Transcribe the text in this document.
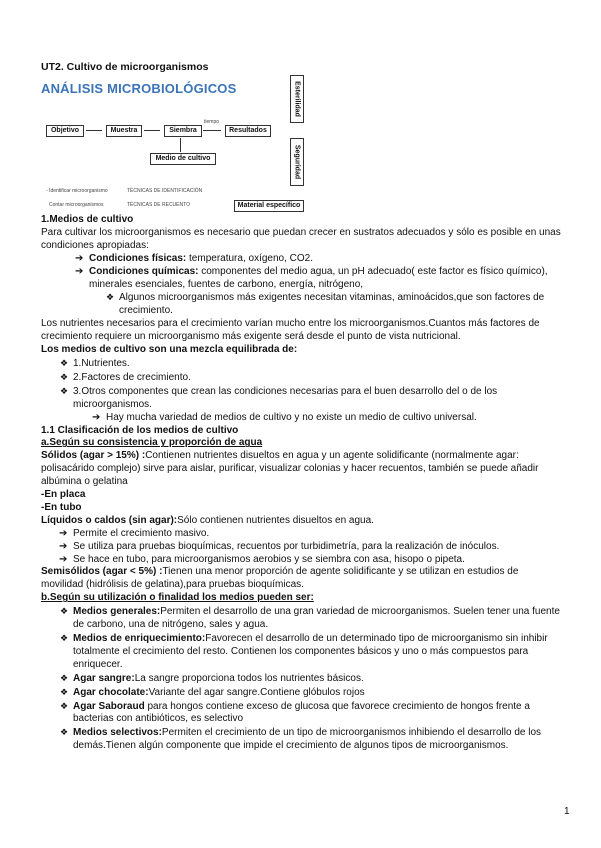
UT2. Cultivo de microorganismos
ANÁLISIS MICROBIOLÓGICOS
Objetivo	Muestra	Siembra
tiempo
Resultados
Medio de cultivo
Esterilidad
Seguridad
- Identificar microorganismo	TÉCNICAS DE IDENTIFICACIÓN
Contar microorganismos	TÉCNICAS DE RECUENTO	Material específico

1.Medios de cultivo

Para cultivar los microorganismos es necesario que puedan crecer en sustratos adecuados y sólo es posible en unas condiciones apropiadas:

➔ Condiciones físicas: temperatura, oxígeno, CO2.

➔ Condiciones químicas: componentes del medio agua, un pH adecuado( este factor es físico químico), minerales esenciales, fuentes de carbono, energía, nitrógeno,

❖ Algunos microorganismos más exigentes necesitan vitaminas, aminoácidos,que son factores de crecimiento.

Los nutrientes necesarios para el crecimiento varían mucho entre los microorganismos.Cuantos más factores de crecimiento requiere un microorganismo más exigente será desde el punto de vista nutricional.

Los medios de cultivo son una mezcla equilibrada de:

❖ 1.Nutrientes.

❖ 2.Factores de crecimiento.

❖ 3.Otros componentes que crean las condiciones necesarias para el buen desarrollo del o de los microorganismos.

➔ Hay mucha variedad de medios de cultivo y no existe un medio de cultivo universal.

1.1 Clasificación de los medios de cultivo

a.Según su consistencia y proporción de agua

Sólidos (agar > 15%) :Contienen nutrientes disueltos en agua y un agente solidificante (normalmente agar: polisacárido complejo) sirve para aislar, purificar, visualizar colonias y hacer recuentos, también se puede añadir albúmina o gelatina

-En placa

-En tubo

Líquidos o caldos (sin agar):Sólo contienen nutrientes disueltos en agua.

➔ Permite el crecimiento masivo.

➔ Se utiliza para pruebas bioquímicas, recuentos por turbidimetría, para la realización de inóculos.

➔ Se hace en tubo, para microorganismos aerobios y se siembra con asa, hisopo o pipeta.

Semisólidos (agar < 5%) :Tienen una menor proporción de agente solidificante y se utilizan en estudios de movilidad (hidrólisis de gelatina),para pruebas bioquímicas.

b.Según su utilización o finalidad los medios pueden ser:

❖ Medios generales:Permiten el desarrollo de una gran variedad de microorganismos. Suelen tener una fuente de carbono, una de nitrógeno, sales y agua.

❖ Medios de enriquecimiento:Favorecen el desarrollo de un determinado tipo de microorganismo sin inhibir totalmente el crecimiento del resto. Contienen los componentes básicos y uno o más compuestos para enriquecer.

❖ Agar sangre:La sangre proporciona todos los nutrientes básicos.

❖ Agar chocolate:Variante del agar sangre.Contiene glóbulos rojos

❖ Agar Saboraud para hongos contiene exceso de glucosa que favorece crecimiento de hongos frente a bacterias con antibióticos, es selectivo

❖ Medios selectivos:Permiten el crecimiento de un tipo de microorganismos inhibiendo el desarrollo de los demás.Tienen algún componente que impide el crecimiento de algunos tipos de microorganismos.

1
